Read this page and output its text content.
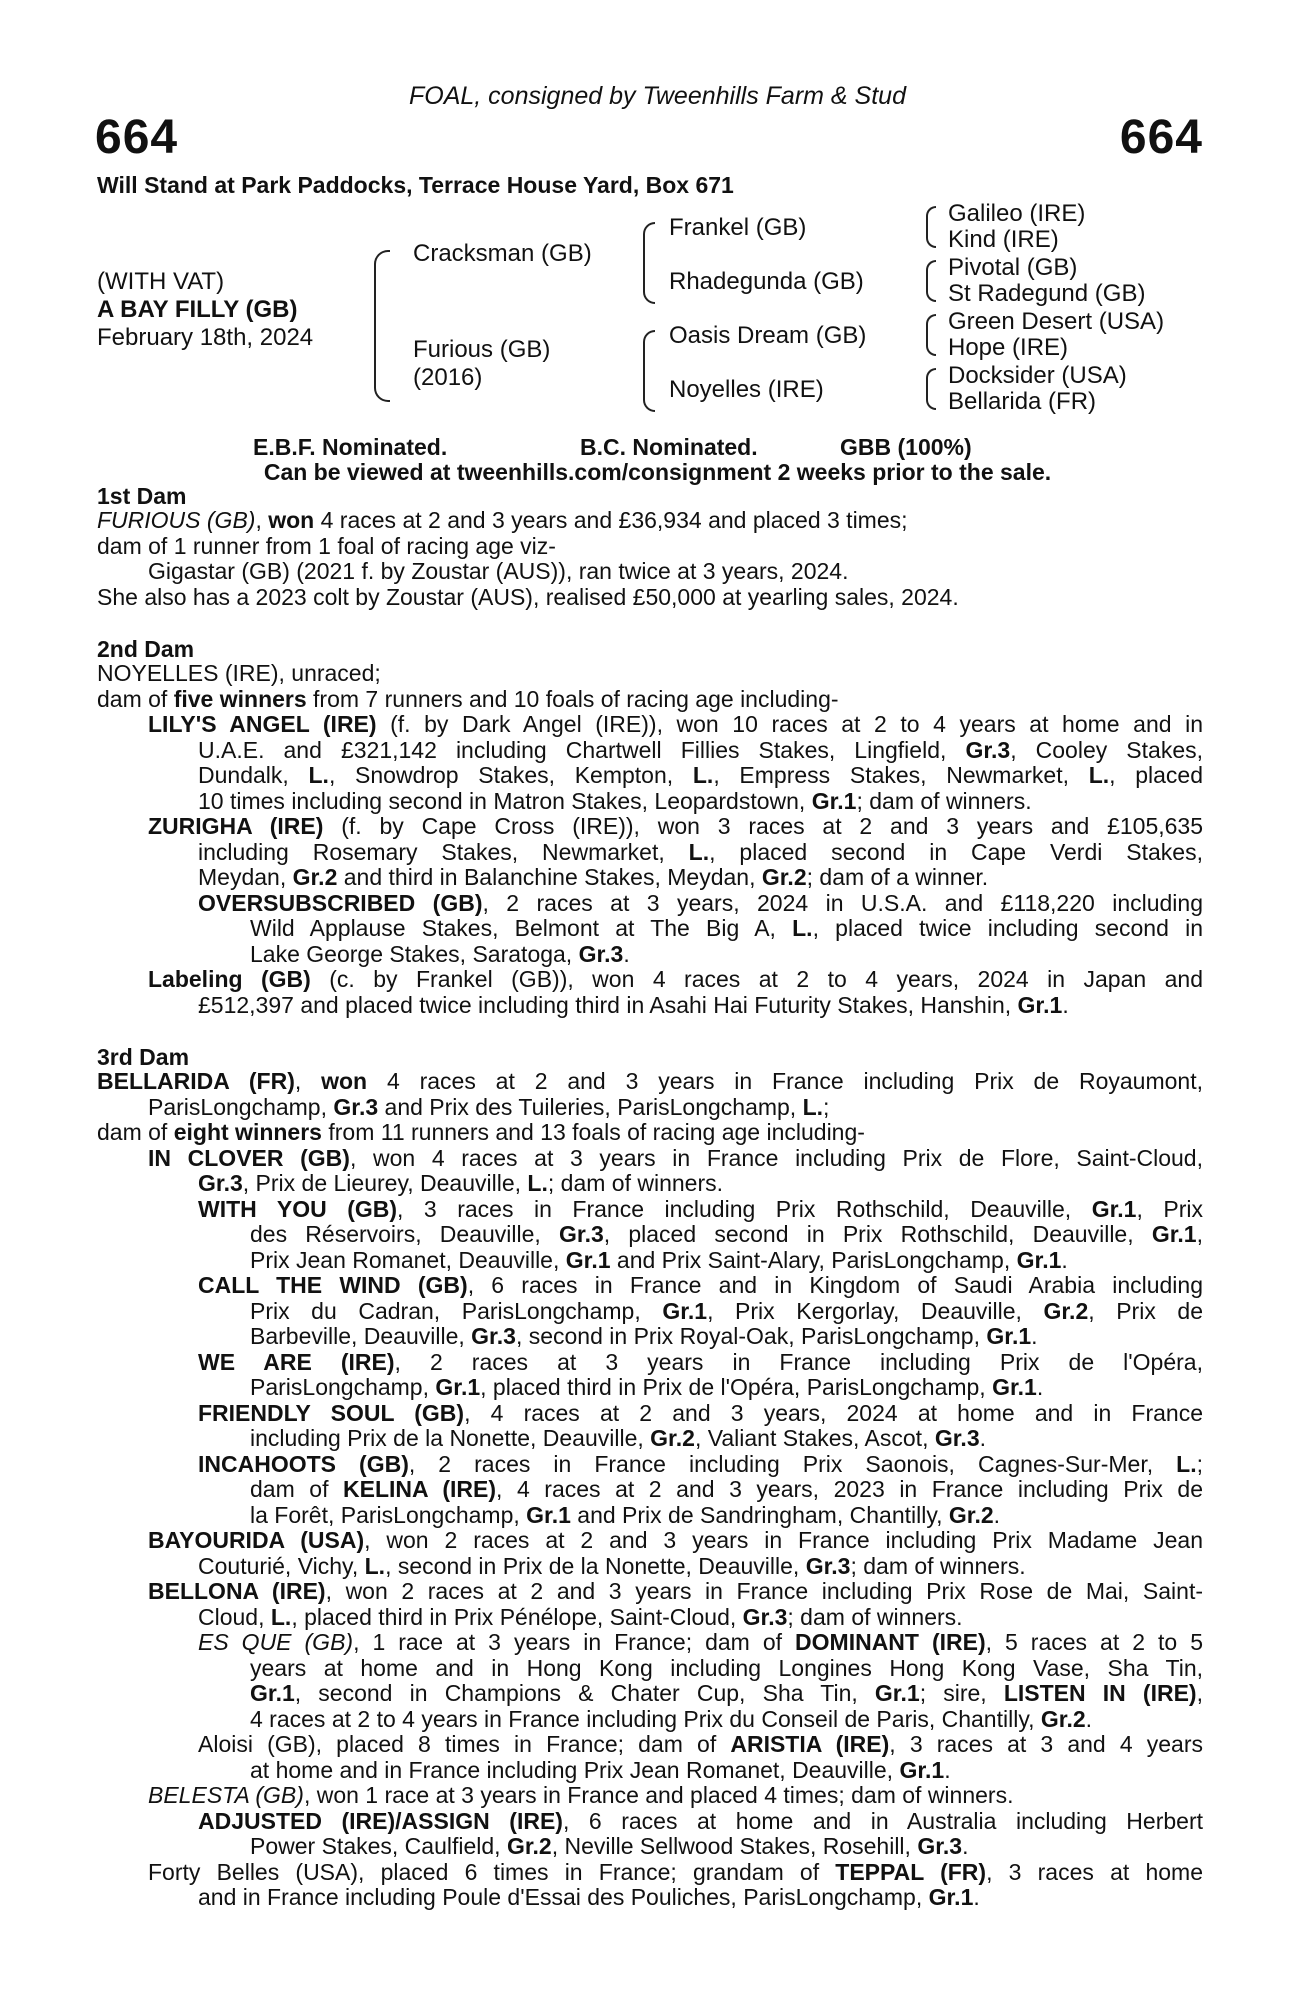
FOAL, consigned by Tweenhills Farm & Stud
664	664
Will Stand at Park Paddocks, Terrace House Yard, Box 671
(WITH VAT)
A BAY FILLY (GB)
February 18th, 2024
Cracksman (GB)
Furious (GB)
(2016)
Frankel (GB)
Rhadegunda (GB)
Oasis Dream (GB)
Noyelles (IRE)
Galileo (IRE)
Kind (IRE)
Pivotal (GB)
St Radegund (GB)
Green Desert (USA)
Hope (IRE)
Docksider (USA)
Bellarida (FR)
E.B.F. Nominated.	B.C. Nominated.	GBB (100%)
Can be viewed at tweenhills.com/consignment 2 weeks prior to the sale.
1st Dam
2nd Dam
3rd Dam
FURIOUS (GB), won 4 races at 2 and 3 years and £36,934 and placed 3 times;
dam of 1 runner from 1 foal of racing age viz-
Gigastar (GB) (2021 f. by Zoustar (AUS)), ran twice at 3 years, 2024.
She also has a 2023 colt by Zoustar (AUS), realised £50,000 at yearling sales, 2024.
NOYELLES (IRE), unraced;
dam of five winners from 7 runners and 10 foals of racing age including-
LILY'S ANGEL (IRE) (f. by Dark Angel (IRE)), won 10 races at 2 to 4 years at home and in
U.A.E. and £321,142 including Chartwell Fillies Stakes, Lingfield, Gr.3, Cooley Stakes,
Dundalk, L., Snowdrop Stakes, Kempton, L., Empress Stakes, Newmarket, L., placed
10 times including second in Matron Stakes, Leopardstown, Gr.1; dam of winners.
ZURIGHA (IRE) (f. by Cape Cross (IRE)), won 3 races at 2 and 3 years and £105,635
including Rosemary Stakes, Newmarket, L., placed second in Cape Verdi Stakes,
Meydan, Gr.2 and third in Balanchine Stakes, Meydan, Gr.2; dam of a winner.
OVERSUBSCRIBED (GB), 2 races at 3 years, 2024 in U.S.A. and £118,220 including
Wild Applause Stakes, Belmont at The Big A, L., placed twice including second in
Lake George Stakes, Saratoga, Gr.3.
Labeling (GB) (c. by Frankel (GB)), won 4 races at 2 to 4 years, 2024 in Japan and
£512,397 and placed twice including third in Asahi Hai Futurity Stakes, Hanshin, Gr.1.
BELLARIDA (FR), won 4 races at 2 and 3 years in France including Prix de Royaumont,
ParisLongchamp, Gr.3 and Prix des Tuileries, ParisLongchamp, L.;
dam of eight winners from 11 runners and 13 foals of racing age including-
IN CLOVER (GB), won 4 races at 3 years in France including Prix de Flore, Saint-Cloud,
Gr.3, Prix de Lieurey, Deauville, L.; dam of winners.
WITH YOU (GB), 3 races in France including Prix Rothschild, Deauville, Gr.1, Prix
des Réservoirs, Deauville, Gr.3, placed second in Prix Rothschild, Deauville, Gr.1,
Prix Jean Romanet, Deauville, Gr.1 and Prix Saint-Alary, ParisLongchamp, Gr.1.
CALL THE WIND (GB), 6 races in France and in Kingdom of Saudi Arabia including
Prix du Cadran, ParisLongchamp, Gr.1, Prix Kergorlay, Deauville, Gr.2, Prix de
Barbeville, Deauville, Gr.3, second in Prix Royal-Oak, ParisLongchamp, Gr.1.
WE ARE (IRE), 2 races at 3 years in France including Prix de l'Opéra,
ParisLongchamp, Gr.1, placed third in Prix de l'Opéra, ParisLongchamp, Gr.1.
FRIENDLY SOUL (GB), 4 races at 2 and 3 years, 2024 at home and in France
including Prix de la Nonette, Deauville, Gr.2, Valiant Stakes, Ascot, Gr.3.
INCAHOOTS (GB), 2 races in France including Prix Saonois, Cagnes-Sur-Mer, L.;
dam of KELINA (IRE), 4 races at 2 and 3 years, 2023 in France including Prix de
la Forêt, ParisLongchamp, Gr.1 and Prix de Sandringham, Chantilly, Gr.2.
BAYOURIDA (USA), won 2 races at 2 and 3 years in France including Prix Madame Jean
Couturié, Vichy, L., second in Prix de la Nonette, Deauville, Gr.3; dam of winners.
BELLONA (IRE), won 2 races at 2 and 3 years in France including Prix Rose de Mai, Saint-
Cloud, L., placed third in Prix Pénélope, Saint-Cloud, Gr.3; dam of winners.
ES QUE (GB), 1 race at 3 years in France; dam of DOMINANT (IRE), 5 races at 2 to 5
years at home and in Hong Kong including Longines Hong Kong Vase, Sha Tin,
Gr.1, second in Champions & Chater Cup, Sha Tin, Gr.1; sire, LISTEN IN (IRE),
4 races at 2 to 4 years in France including Prix du Conseil de Paris, Chantilly, Gr.2.
Aloisi (GB), placed 8 times in France; dam of ARISTIA (IRE), 3 races at 3 and 4 years
at home and in France including Prix Jean Romanet, Deauville, Gr.1.
BELESTA (GB), won 1 race at 3 years in France and placed 4 times; dam of winners.
ADJUSTED (IRE)/ASSIGN (IRE), 6 races at home and in Australia including Herbert
Power Stakes, Caulfield, Gr.2, Neville Sellwood Stakes, Rosehill, Gr.3.
Forty Belles (USA), placed 6 times in France; grandam of TEPPAL (FR), 3 races at home
and in France including Poule d'Essai des Pouliches, ParisLongchamp, Gr.1.
